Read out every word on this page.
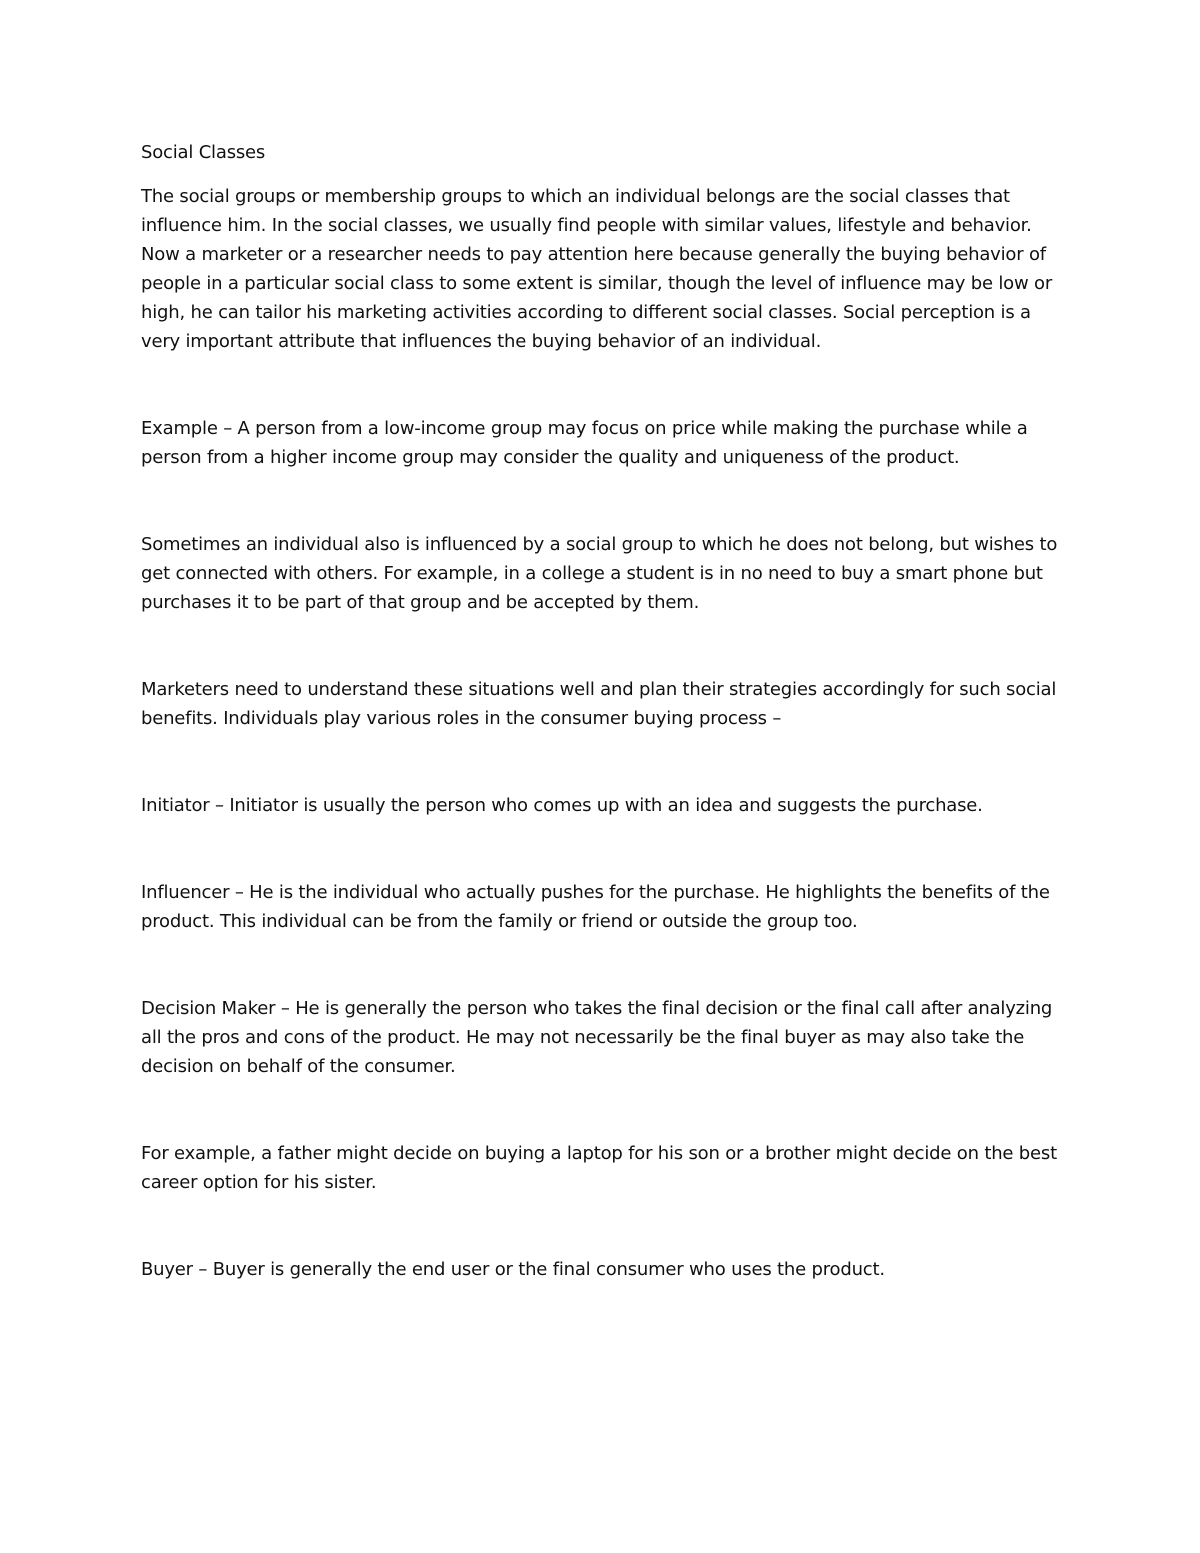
Social Classes

The social groups or membership groups to which an individual belongs are the social classes that influence him. In the social classes, we usually find people with similar values, lifestyle and behavior. Now a marketer or a researcher needs to pay attention here because generally the buying behavior of people in a particular social class to some extent is similar, though the level of influence may be low or high, he can tailor his marketing activities according to different social classes. Social perception is a very important attribute that influences the buying behavior of an individual.

Example – A person from a low-income group may focus on price while making the purchase while a person from a higher income group may consider the quality and uniqueness of the product.

Sometimes an individual also is influenced by a social group to which he does not belong, but wishes to get connected with others. For example, in a college a student is in no need to buy a smart phone but purchases it to be part of that group and be accepted by them.

Marketers need to understand these situations well and plan their strategies accordingly for such social benefits. Individuals play various roles in the consumer buying process –

Initiator – Initiator is usually the person who comes up with an idea and suggests the purchase.

Influencer – He is the individual who actually pushes for the purchase. He highlights the benefits of the product. This individual can be from the family or friend or outside the group too.

Decision Maker – He is generally the person who takes the final decision or the final call after analyzing all the pros and cons of the product. He may not necessarily be the final buyer as may also take the decision on behalf of the consumer.

For example, a father might decide on buying a laptop for his son or a brother might decide on the best career option for his sister.

Buyer – Buyer is generally the end user or the final consumer who uses the product.
